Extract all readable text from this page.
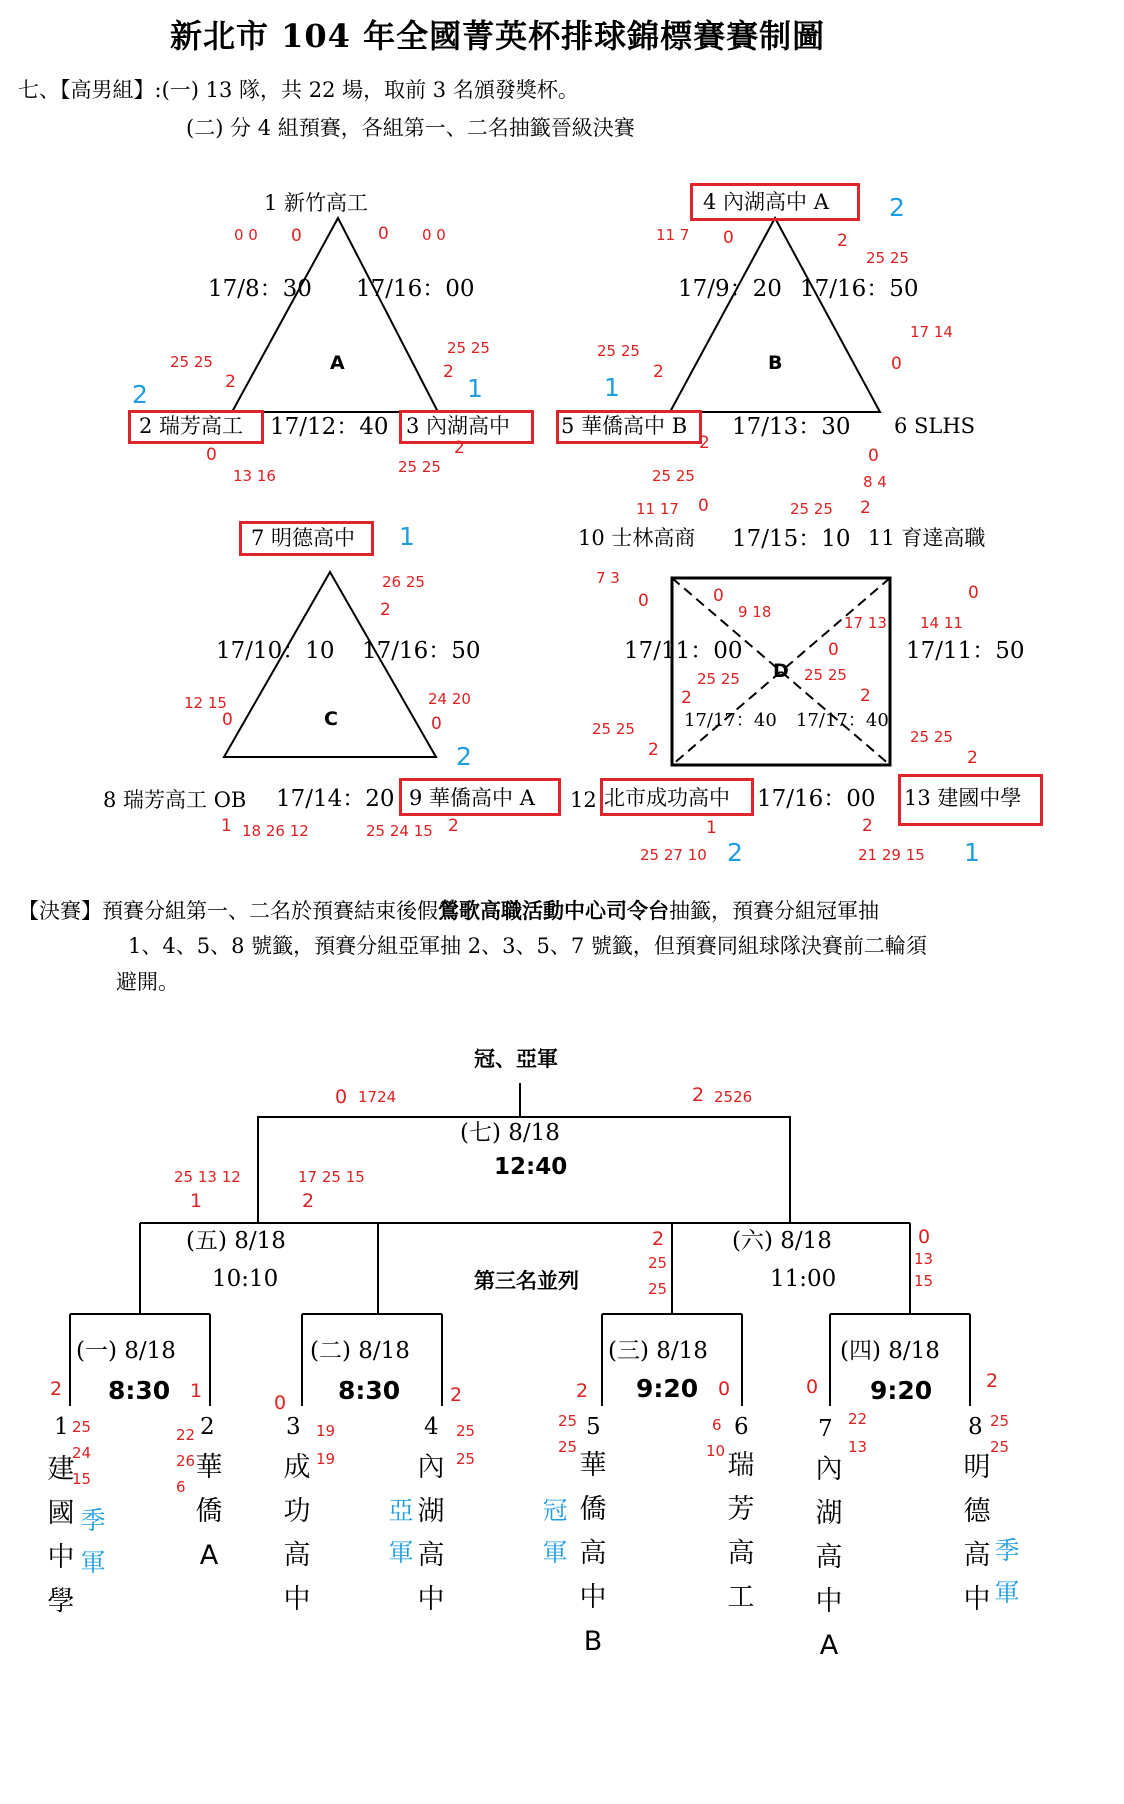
新北市 104 年全國菁英杯排球錦標賽賽制圖
七、【高男組】:(一) 13 隊，共 22 場，取前 3 名頒發獎杯。
(二) 分 4 組預賽，各組第一、二名抽籤晉級決賽
1 新竹高工
2 瑞芳高工	3 內湖高中
A
17/8：30 17/16：00
17/12：40
0 0 0	0 0 0
25 25
2
25 25
2
0
13 16
2
25 25
2	1
4 內湖高中 A
5 華僑高中 B	6 SLHS
B
17/9：20 17/16：50
17/13：30
11 7 0	2
25 25
17 14
0
25 25
2
2
25 25
0
8 4
2
1
7 明德高中
8 瑞芳高工 OB	9 華僑高中 A
C
17/10：10 17/16：50
17/14：20
26 25
2
12 15
0
24 20
0
1 18 26 12	25 24 15 2
1
2
10 士林高商	11 育達高職
12 北市成功高中	13 建國中學
D
17/15：10
17/11：00	17/11：50
17/17：40 17/17：40
17/16：00
11 17 0	25 25 2
7 3
0	0
9 18
17 13
0
14 11
0
25 25
2
25 25
2
25 25
2
25 25
2
1
25 27 10
2
21 29 15
2	1
【決賽】預賽分組第一、二名於預賽結束後假鶯歌高職活動中心司令台抽籤，預賽分組冠軍抽
1、4、5、8 號籤，預賽分組亞軍抽 2、3、5、7 號籤，但預賽同組球隊決賽前二輪須
避開。
冠、亞軍
(七) 8/18
12:40
(五) 8/18
10:10
(六) 8/18
11:00
第三名並列
(一) 8/18
8:30
(二) 8/18
8:30
(三) 8/18
9:20
(四) 8/18
9:20
0 1724	2 2526
25 13 12
1
17 25 15
2
2
25
25
0
13
15
2	1
0	2	2	0	0	2
1
建國中學
25
24
15
季軍
2
華僑A
22
26
6
3
成功高中
19
19
4
內湖高中
25
25
亞軍
5
華僑高中B
25
25
冠軍
6
瑞芳高工
6
10
7
內湖高中A
22
13
8
明德高中
25
25
季軍
